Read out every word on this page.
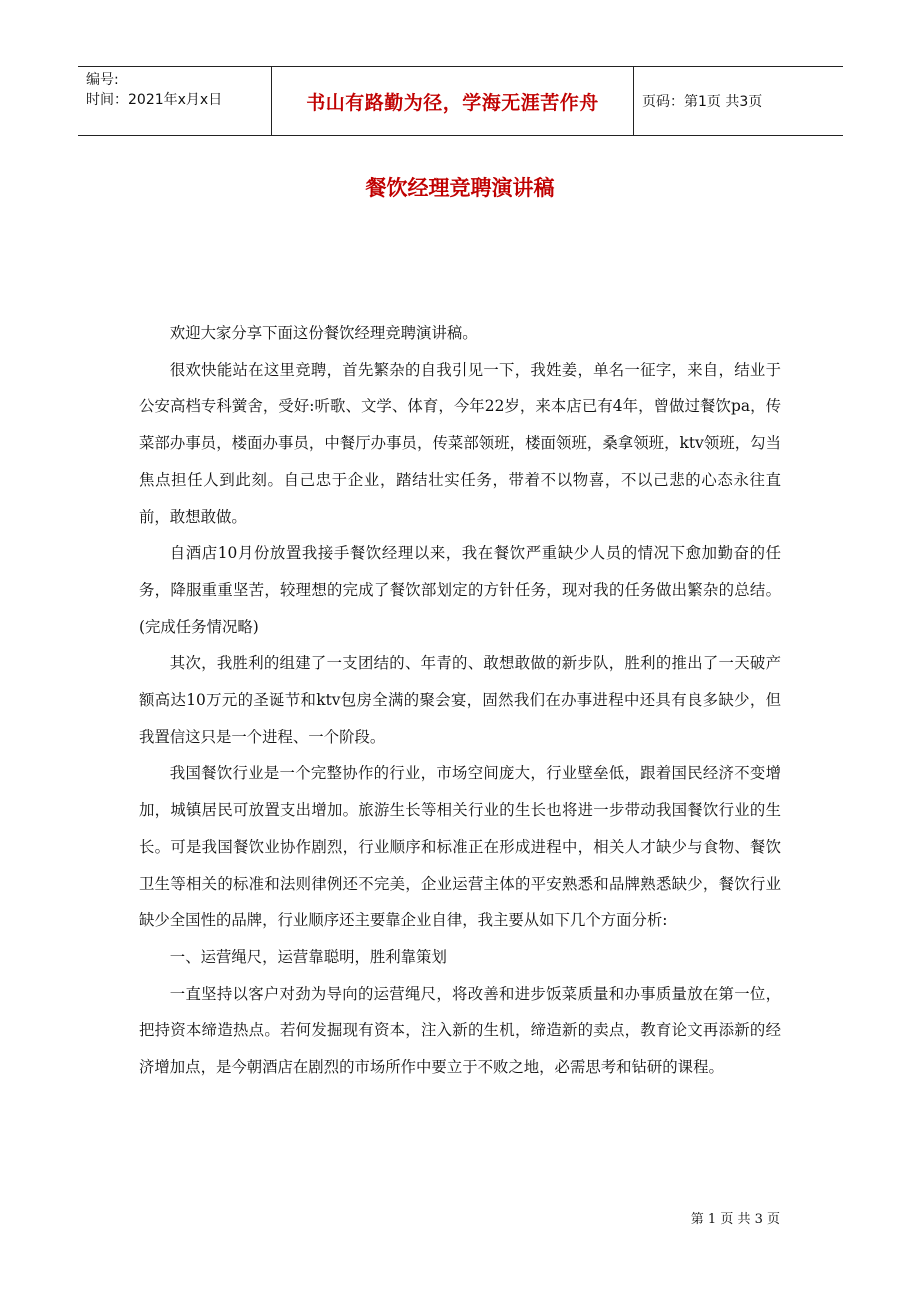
编号:
时间：2021年x月x日	书山有路勤为径，学海无涯苦作舟	页码：第1页 共3页
餐饮经理竞聘演讲稿

欢迎大家分享下面这份餐饮经理竞聘演讲稿。

很欢快能站在这里竞聘，首先繁杂的自我引见一下，我姓姜，单名一征字，来自，结业于公安高档专科黉舍，受好:听歌、文学、体育，今年22岁，来本店已有4年，曾做过餐饮pa，传菜部办事员，楼面办事员，中餐厅办事员，传菜部领班，楼面领班，桑拿领班，ktv领班，勾当焦点担任人到此刻。自己忠于企业，踏结壮实任务，带着不以物喜，不以己悲的心态永往直前，敢想敢做。

自酒店10月份放置我接手餐饮经理以来，我在餐饮严重缺少人员的情况下愈加勤奋的任务，降服重重坚苦，较理想的完成了餐饮部划定的方针任务，现对我的任务做出繁杂的总结。(完成任务情况略)

其次，我胜利的组建了一支团结的、年青的、敢想敢做的新步队，胜利的推出了一天破产额高达10万元的圣诞节和ktv包房全满的聚会宴，固然我们在办事进程中还具有良多缺少，但我置信这只是一个进程、一个阶段。

我国餐饮行业是一个完整协作的行业，市场空间庞大，行业壁垒低，跟着国民经济不变增加，城镇居民可放置支出增加。旅游生长等相关行业的生长也将进一步带动我国餐饮行业的生长。可是我国餐饮业协作剧烈，行业顺序和标准正在形成进程中，相关人才缺少与食物、餐饮卫生等相关的标准和法则律例还不完美，企业运营主体的平安熟悉和品牌熟悉缺少，餐饮行业缺少全国性的品牌，行业顺序还主要靠企业自律，我主要从如下几个方面分析:

一、运营绳尺，运营靠聪明，胜利靠策划

一直坚持以客户对劲为导向的运营绳尺，将改善和进步饭菜质量和办事质量放在第一位，把持资本缔造热点。若何发掘现有资本，注入新的生机，缔造新的卖点，教育论文再添新的经济增加点，是今朝酒店在剧烈的市场所作中要立于不败之地，必需思考和钻研的课程。

第 1 页 共 3 页
